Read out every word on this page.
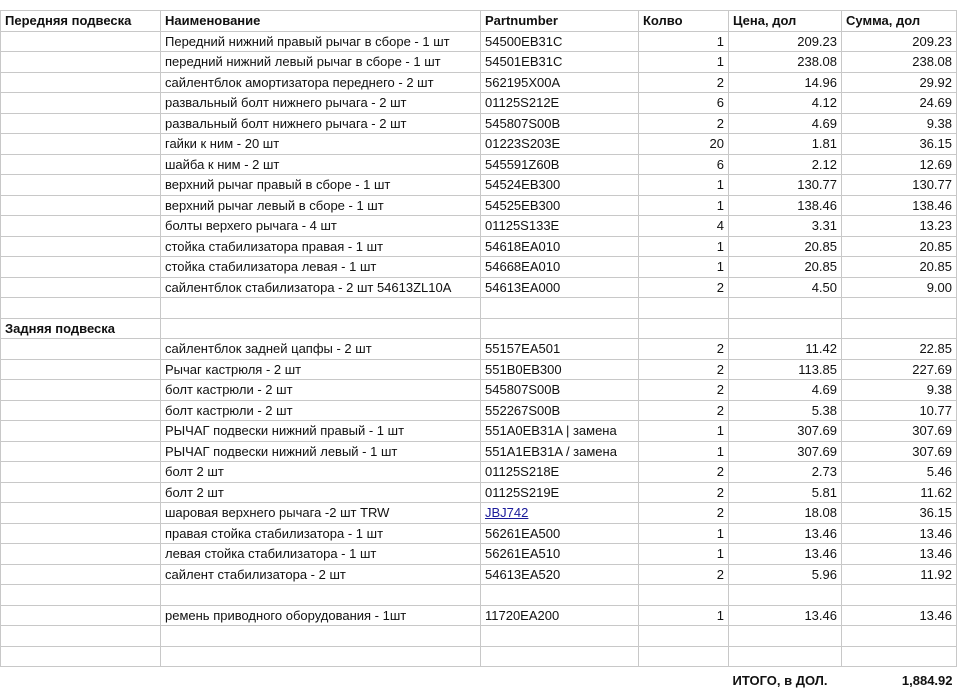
Передняя подвеска	Наименование	Partnumber	Колво	Цена, дол	Сумма, дол
	Передний нижний правый рычаг в сборе - 1 шт	54500EB31C	1	209.23	209.23
	передний нижний левый рычаг в сборе - 1 шт	54501EB31C	1	238.08	238.08
	сайлентблок амортизатора переднего - 2 шт	562195X00A	2	14.96	29.92
	развальный болт нижнего рычага - 2 шт	01125S212E	6	4.12	24.69
	развальный болт нижнего рычага - 2 шт	545807S00B	2	4.69	9.38
	гайки к ним - 20 шт	01223S203E	20	1.81	36.15
	шайба к ним - 2 шт	545591Z60B	6	2.12	12.69
	верхний рычаг правый в сборе - 1 шт	54524EB300	1	130.77	130.77
	верхний рычаг левый в сборе - 1 шт	54525EB300	1	138.46	138.46
	болты верхего рычага - 4 шт	01125S133E	4	3.31	13.23
	стойка стабилизатора правая - 1 шт	54618EA010	1	20.85	20.85
	стойка стабилизатора левая - 1 шт	54668EA010	1	20.85	20.85
	сайлентблок стабилизатора - 2 шт 54613ZL10A	54613EA000	2	4.50	9.00

Задняя подвеска					
	сайлентблок задней цапфы - 2 шт	55157EA501	2	11.42	22.85
	Рычаг кастрюля - 2 шт	551B0EB300	2	113.85	227.69
	болт кастрюли - 2 шт	545807S00B	2	4.69	9.38
	болт кастрюли - 2 шт	552267S00B	2	5.38	10.77
	РЫЧАГ подвески нижний правый - 1 шт	551A0EB31A | замена	1	307.69	307.69
	РЫЧАГ подвески нижний левый - 1 шт	551A1EB31A / замена	1	307.69	307.69
	болт 2 шт	01125S218E	2	2.73	5.46
	болт 2 шт	01125S219E	2	5.81	11.62
	шаровая верхнего рычага -2 шт TRW	JBJ742	2	18.08	36.15
	правая стойка стабилизатора - 1 шт	56261EA500	1	13.46	13.46
	левая стойка стабилизатора - 1 шт	56261EA510	1	13.46	13.46
	сайлент стабилизатора - 2 шт	54613EA520	2	5.96	11.92

	ремень приводного оборудования - 1шт	11720EA200	1	13.46	13.46

				ИТОГО, в ДОЛ.	1,884.92
